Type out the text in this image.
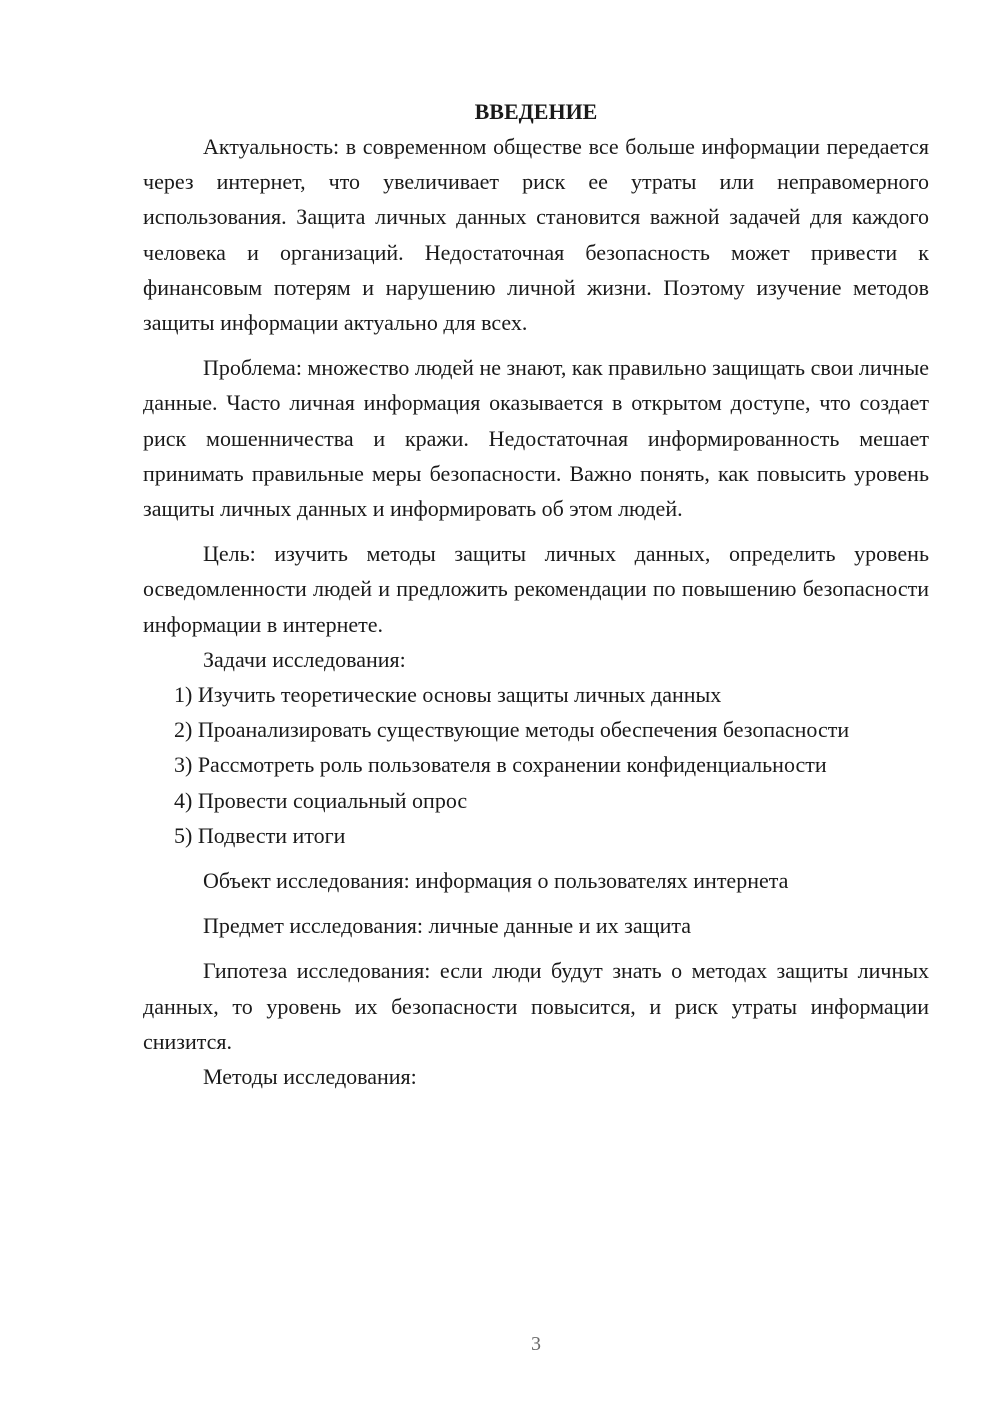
ВВЕДЕНИЕ

Актуальность: в современном обществе все больше информации передается через интернет, что увеличивает риск ее утраты или неправомерного использования. Защита личных данных становится важной задачей для каждого человека и организаций. Недостаточная безопасность может привести к финансовым потерям и нарушению личной жизни. Поэтому изучение методов защиты информации актуально для всех.

Проблема: множество людей не знают, как правильно защищать свои личные данные. Часто личная информация оказывается в открытом доступе, что создает риск мошенничества и кражи. Недостаточная информированность мешает принимать правильные меры безопасности. Важно понять, как повысить уровень защиты личных данных и информировать об этом людей.

Цель: изучить методы защиты личных данных, определить уровень осведомленности людей и предложить рекомендации по повышению безопасности информации в интернете.

Задачи исследования:

1) Изучить теоретические основы защиты личных данных

2) Проанализировать существующие методы обеспечения безопасности

3) Рассмотреть роль пользователя в сохранении конфиденциальности

4) Провести социальный опрос

5) Подвести итоги

Объект исследования: информация о пользователях интернета

Предмет исследования: личные данные и их защита

Гипотеза исследования: если люди будут знать о методах защиты личных данных, то уровень их безопасности повысится, и риск утраты информации снизится.

Методы исследования:

3
